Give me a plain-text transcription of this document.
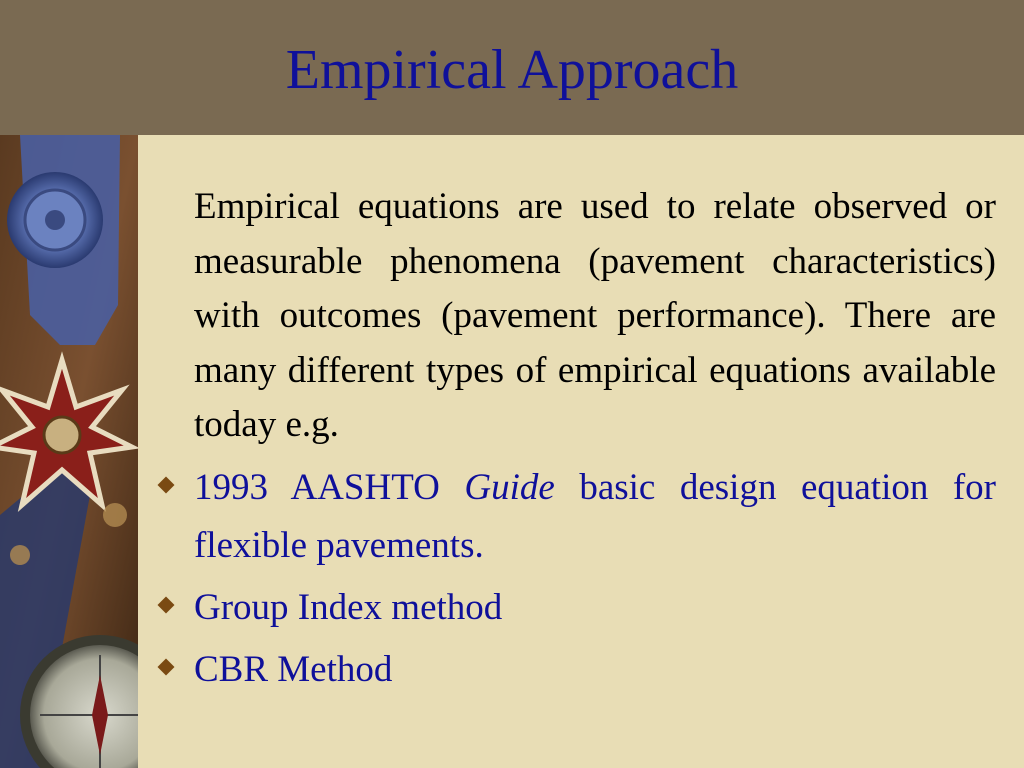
Empirical Approach

Empirical equations are used to relate observed or measurable phenomena (pavement characteristics) with outcomes (pavement performance). There are many different types of empirical equations available today e.g.

1993 AASHTO Guide basic design equation for flexible pavements.
Group Index method
CBR Method
